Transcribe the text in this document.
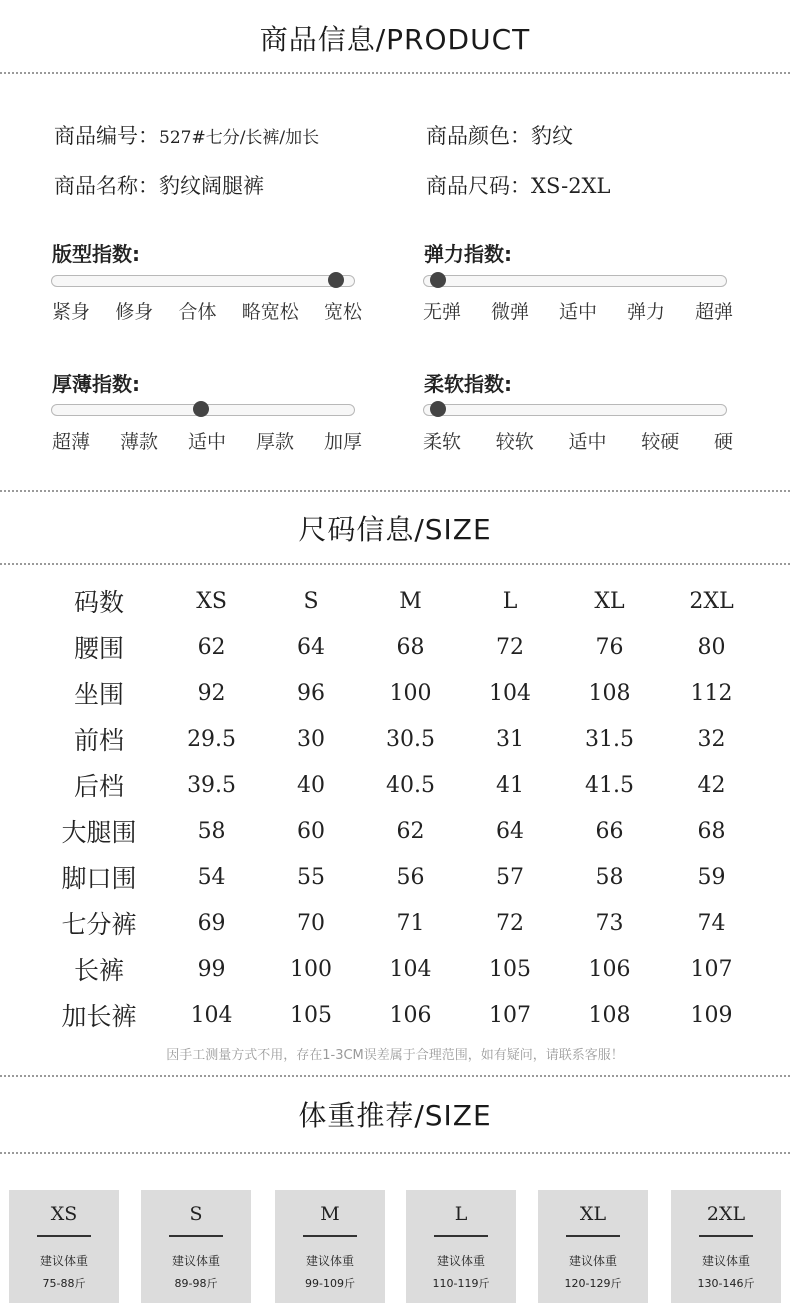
商品信息/PRODUCT
商品编号：527#七分/长裤/加长	商品颜色：豹纹
商品名称：豹纹阔腿裤	商品尺码：XS-2XL
版型指数:
紧身 修身 合体 略宽松 宽松
弹力指数:
无弹 微弹 适中 弹力 超弹
厚薄指数:
超薄 薄款 适中 厚款 加厚
柔软指数:
柔软 较软 适中 较硬 硬
尺码信息/SIZE
码数	XS	S	M	L	XL	2XL
腰围	62	64	68	72	76	80
坐围	92	96	100	104	108	112
前档	29.5	30	30.5	31	31.5	32
后档	39.5	40	40.5	41	41.5	42
大腿围	58	60	62	64	66	68
脚口围	54	55	56	57	58	59
七分裤	69	70	71	72	73	74
长裤	99	100	104	105	106	107
加长裤	104	105	106	107	108	109
因手工测量方式不用，存在1-3CM误差属于合理范围，如有疑问，请联系客服！
体重推荐/SIZE
XS
建议体重
75-88斤
S
建议体重
89-98斤
M
建议体重
99-109斤
L
建议体重
110-119斤
XL
建议体重
120-129斤
2XL
建议体重
130-146斤
